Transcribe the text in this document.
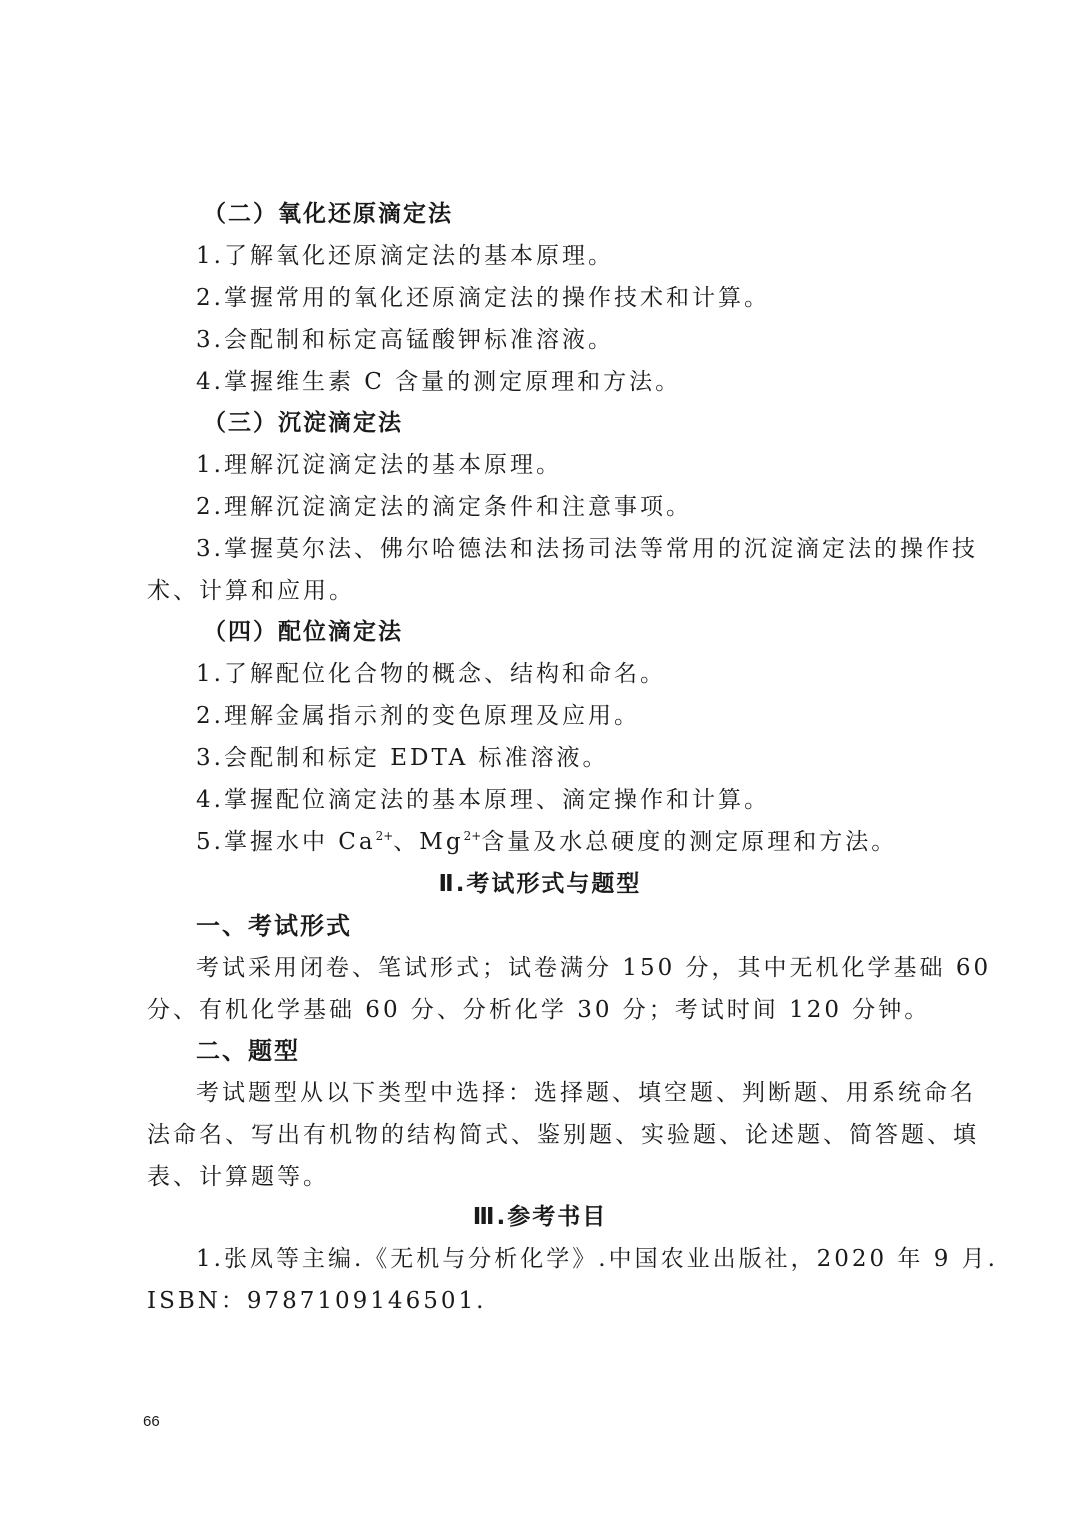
（二）氧化还原滴定法
1.了解氧化还原滴定法的基本原理。
2.掌握常用的氧化还原滴定法的操作技术和计算。
3.会配制和标定高锰酸钾标准溶液。
4.掌握维生素 C 含量的测定原理和方法。
（三）沉淀滴定法
1.理解沉淀滴定法的基本原理。
2.理解沉淀滴定法的滴定条件和注意事项。
3.掌握莫尔法、佛尔哈德法和法扬司法等常用的沉淀滴定法的操作技
术、计算和应用。
（四）配位滴定法
1.了解配位化合物的概念、结构和命名。
2.理解金属指示剂的变色原理及应用。
3.会配制和标定 EDTA 标准溶液。
4.掌握配位滴定法的基本原理、滴定操作和计算。
5.掌握水中 $Ca^{2+}$、$Mg^{2+}$含量及水总硬度的测定原理和方法。
Ⅱ.考试形式与题型
一、考试形式
考试采用闭卷、笔试形式；试卷满分 150 分，其中无机化学基础 60
分、有机化学基础 60 分、分析化学 30 分；考试时间 120 分钟。
二、题型
考试题型从以下类型中选择：选择题、填空题、判断题、用系统命名
法命名、写出有机物的结构简式、鉴别题、实验题、论述题、简答题、填
表、计算题等。
Ⅲ.参考书目
1.张凤等主编.《无机与分析化学》.中国农业出版社，2020 年 9 月.
ISBN：9787109146501.
66
